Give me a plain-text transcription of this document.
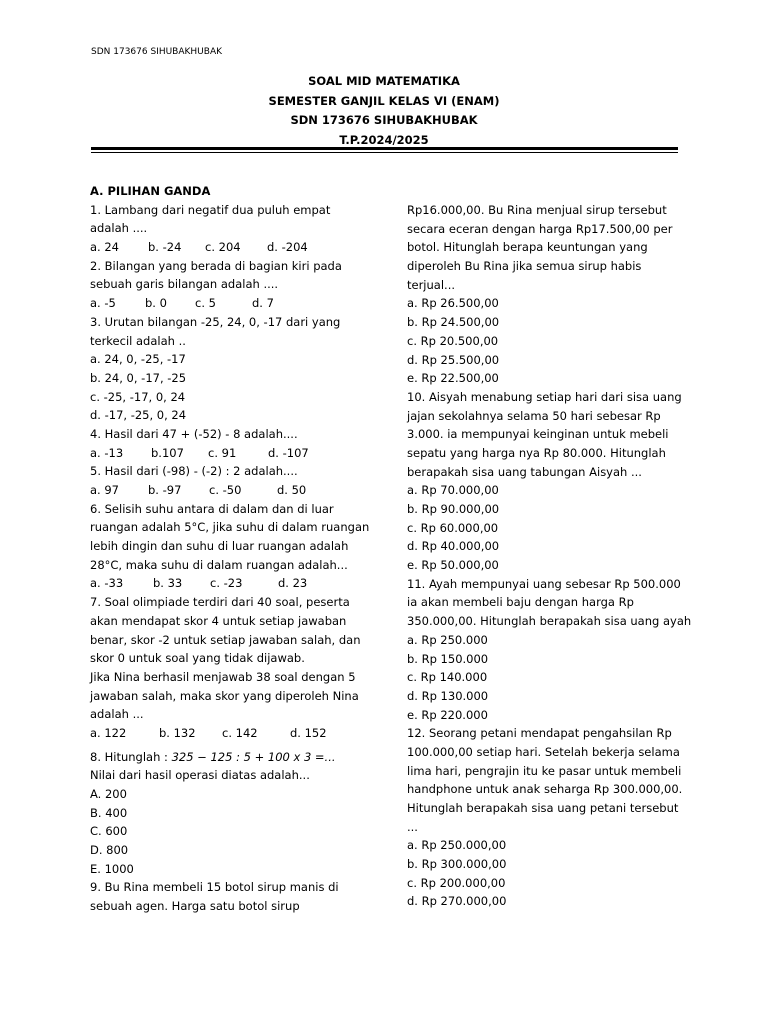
SDN 173676 SIHUBAKHUBAK
SOAL MID MATEMATIKA
SEMESTER GANJIL KELAS VI (ENAM)
SDN 173676 SIHUBAKHUBAK
T.P.2024/2025
A. PILIHAN GANDA
1. Lambang dari negatif dua puluh empat
adalah ....
a. 24	b. -24 c. 204 d. -204
2. Bilangan yang berada di bagian kiri pada
sebuah garis bilangan adalah ....
a. -5	b. 0 c. 5	d. 7
3. Urutan bilangan -25, 24, 0, -17 dari yang
terkecil adalah ..
a. 24, 0, -25, -17
b. 24, 0, -17, -25
c. -25, -17, 0, 24
d. -17, -25, 0, 24
4. Hasil dari 47 + (-52) - 8 adalah....
a. -13 b.107 c. 91	d. -107
5. Hasil dari (-98) - (-2) : 2 adalah....
a. 97	b. -97 c. -50	d. 50
6. Selisih suhu antara di dalam dan di luar
ruangan adalah 5°C, jika suhu di dalam ruangan
lebih dingin dan suhu di luar ruangan adalah
28°C, maka suhu di dalam ruangan adalah...
a. -33	b. 33 c. -23	d. 23
7. Soal olimpiade terdiri dari 40 soal, peserta
akan mendapat skor 4 untuk setiap jawaban
benar, skor -2 untuk setiap jawaban salah, dan
skor 0 untuk soal yang tidak dijawab.
Jika Nina berhasil menjawab 38 soal dengan 5
jawaban salah, maka skor yang diperoleh Nina
adalah ...
a. 122	b. 132 c. 142	d. 152
8. Hitunglah : 325 − 125 : 5 + 100 x 3 =...
Nilai dari hasil operasi diatas adalah...
A. 200
B. 400
C. 600
D. 800
E. 1000
9. Bu Rina membeli 15 botol sirup manis di
sebuah agen. Harga satu botol sirup
Rp16.000,00. Bu Rina menjual sirup tersebut
secara eceran dengan harga Rp17.500,00 per
botol. Hitunglah berapa keuntungan yang
diperoleh Bu Rina jika semua sirup habis
terjual...
a. Rp 26.500,00
b. Rp 24.500,00
c. Rp 20.500,00
d. Rp 25.500,00
e. Rp 22.500,00
10. Aisyah menabung setiap hari dari sisa uang
jajan sekolahnya selama 50 hari sebesar Rp
3.000. ia mempunyai keinginan untuk mebeli
sepatu yang harga nya Rp 80.000. Hitunglah
berapakah sisa uang tabungan Aisyah ...
a. Rp 70.000,00
b. Rp 90.000,00
c. Rp 60.000,00
d. Rp 40.000,00
e. Rp 50.000,00
11. Ayah mempunyai uang sebesar Rp 500.000
ia akan membeli baju dengan harga Rp
350.000,00. Hitunglah berapakah sisa uang ayah
a. Rp 250.000
b. Rp 150.000
c. Rp 140.000
d. Rp 130.000
e. Rp 220.000
12. Seorang petani mendapat pengahsilan Rp
100.000,00 setiap hari. Setelah bekerja selama
lima hari, pengrajin itu ke pasar untuk membeli
handphone untuk anak seharga Rp 300.000,00.
Hitunglah berapakah sisa uang petani tersebut
...
a. Rp 250.000,00
b. Rp 300.000,00
c. Rp 200.000,00
d. Rp 270.000,00
